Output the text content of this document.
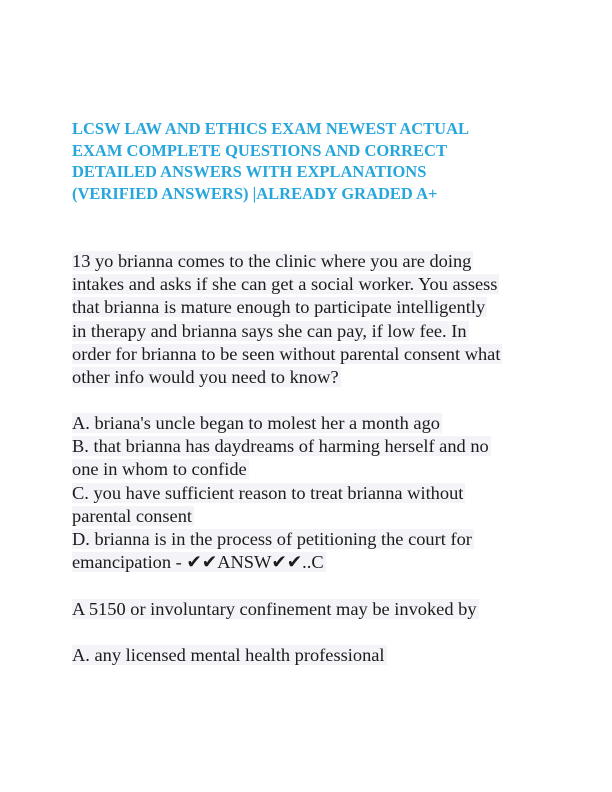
LCSW LAW AND ETHICS EXAM NEWEST ACTUAL
EXAM COMPLETE QUESTIONS AND CORRECT
DETAILED ANSWERS WITH EXPLANATIONS
(VERIFIED ANSWERS) |ALREADY GRADED A+
13 yo brianna comes to the clinic where you are doing
intakes and asks if she can get a social worker. You assess
that brianna is mature enough to participate intelligently
in therapy and brianna says she can pay, if low fee. In
order for brianna to be seen without parental consent what
other info would you need to know?
A. briana's uncle began to molest her a month ago
B. that brianna has daydreams of harming herself and no
one in whom to confide
C. you have sufficient reason to treat brianna without
parental consent
D. brianna is in the process of petitioning the court for
emancipation - ✔✔ANSW✔✔..C
A 5150 or involuntary confinement may be invoked by
A. any licensed mental health professional
